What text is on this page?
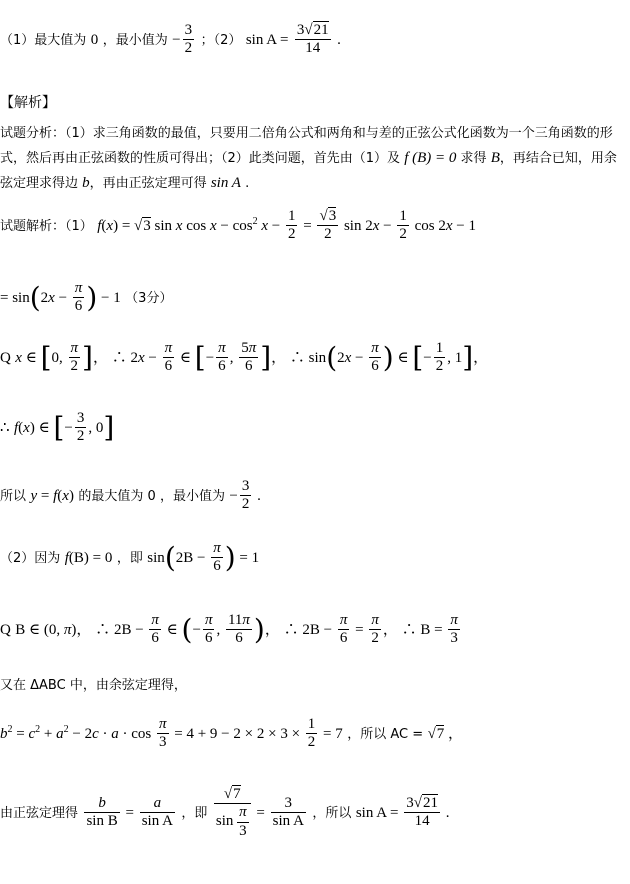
（1）最大值为 0 ，最小值为 − $\frac{3}{2}$ ；（2） $\sin A = \frac{3√21}{14}$ .
【解析】
试题分析：（1）求三角函数的最值，只要用二倍角公式和两角和与差的正弦公式化函数为一个三角函数的形式，然后再由正弦函数的性质可得出；（2）此类问题，首先由（1）及 f (B) = 0 求得 B，再结合已知，用余弦定理求得边 b，再由正弦定理可得 sin A .
试题解析：（1） f(x) = √3 sin x $\cos x - \cos^2 x - \frac{1}{2} = \frac{√3}{2}$ $\sin 2x - \frac{1}{2}$ cos 2x − 1
= $\sin(2x - \frac{\pi}{6}$ ) − 1 （3分）
Q x ∈ [0, $\frac{\pi}{2}$ ]， ∴ $2x - \frac{\pi}{6}$ ∈ [− $\frac{\pi}{6}$ , $\frac{5\pi}{6}$ ]， ∴ $\sin(2x - \frac{\pi}{6}$ ) ∈ [− $\frac{1}{2}$ , 1]，
∴ f(x) ∈ [− $\frac{3}{2}$ , 0]
所以 y = f(x) 的最大值为 0 ，最小值为 − $\frac{3}{2}$ .
（2）因为 f(B) = 0 ，即 $\sin(2B - \frac{\pi}{6}$ ) = 1
Q B ∈ (0, π)， ∴ $2B - \frac{\pi}{6}$ ∈ (− $\frac{\pi}{6}$ , $\frac{11\pi}{6}$ )， ∴ $2B - \frac{\pi}{6} = \frac{\pi}{2}$ ， ∴ $B = \frac{\pi}{3}$
又在 ΔABC 中，由余弦定理得，
$b^2 = c^2 + a^2 - 2c \cdot a \cdot \cos \frac{\pi}{3} = 4 + 9 - 2 \times 2 \times 3 \times \frac{1}{2} = 7$ ，所以 AC = √7 ，
由正弦定理得 $\frac{b}{\text{sin B}} = \frac{a}{\text{sin A}}$ ，即 $\frac{√7}{\sin \frac{\pi}{3}} = \frac{3}{\text{sin A}}$ ，所以 $\sin A = \frac{3√21}{14}$ .
